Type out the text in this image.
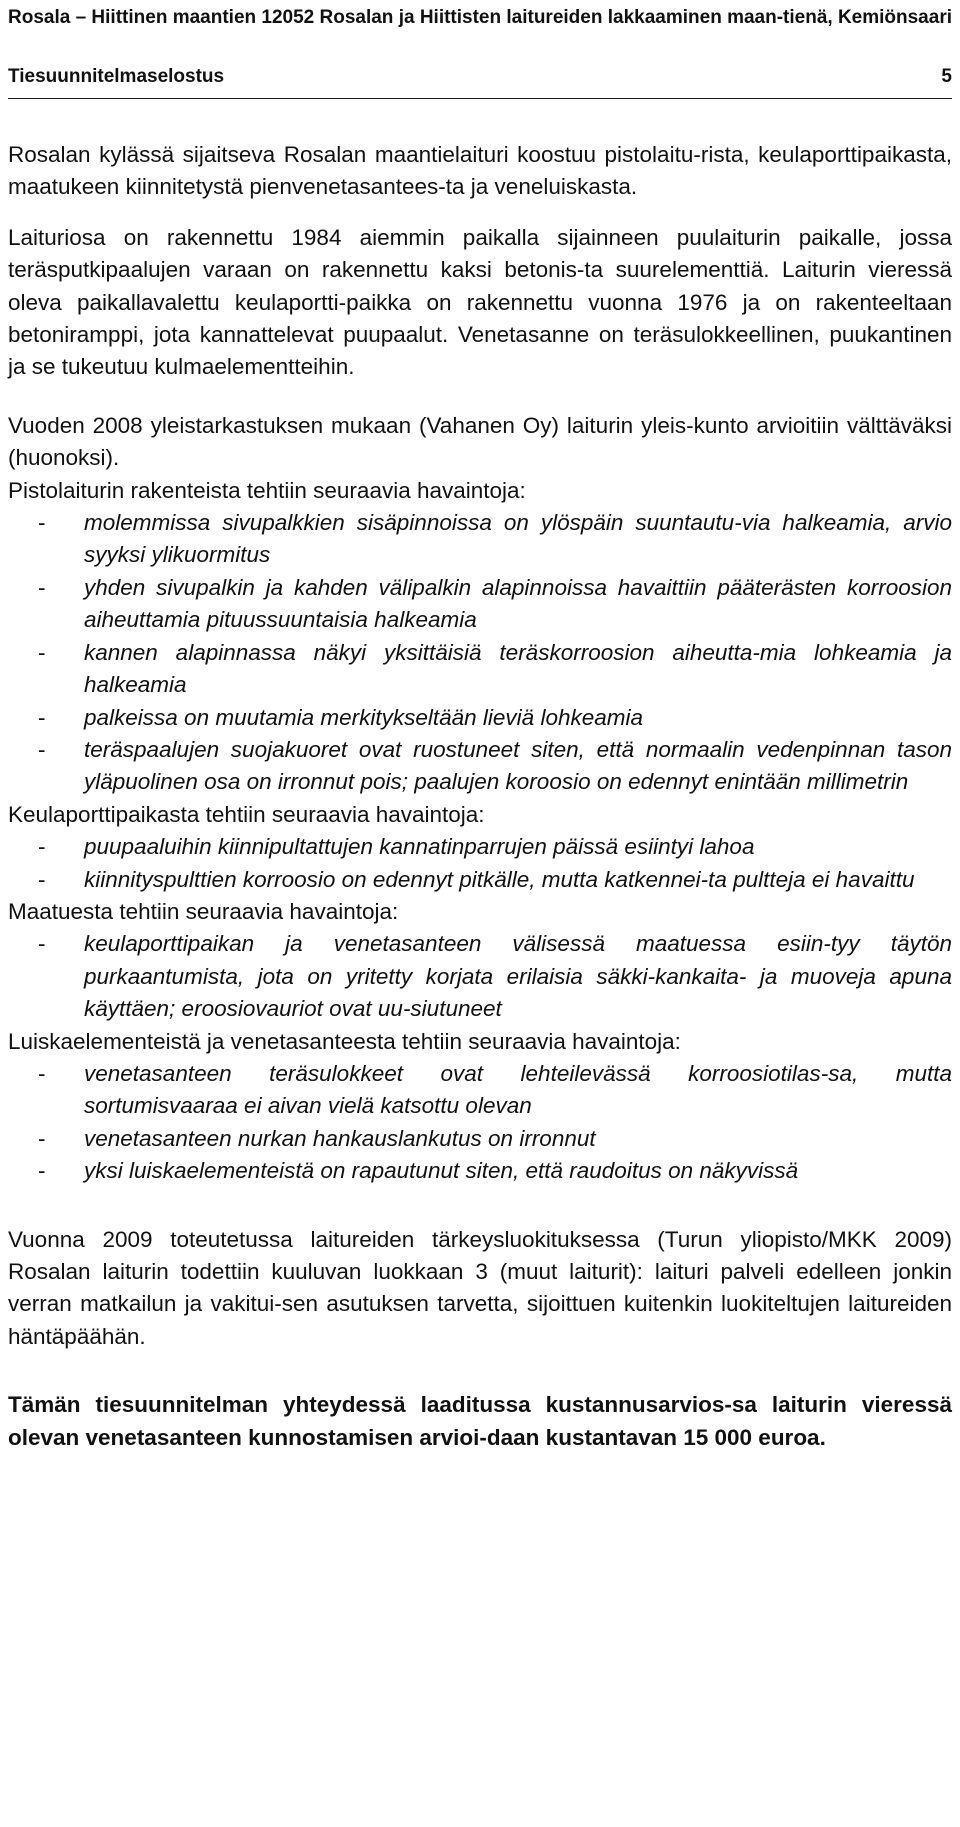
Rosala – Hiittinen maantien 12052 Rosalan ja Hiittisten laitureiden lakkaaminen maan-tienä, Kemiönsaari
Tiesuunnitelmaselostus	5

Rosalan kylässä sijaitseva Rosalan maantielaituri koostuu pistolaitu-rista, keulaporttipaikasta, maatukeen kiinnitetystä pienvenetasantees-ta ja veneluiskasta.

Laituriosa on rakennettu 1984 aiemmin paikalla sijainneen puulaiturin paikalle, jossa teräsputkipaalujen varaan on rakennettu kaksi betonis-ta suurelementtiä. Laiturin vieressä oleva paikallavalettu keulaportti-paikka on rakennettu vuonna 1976 ja on rakenteeltaan betoniramppi, jota kannattelevat puupaalut. Venetasanne on teräsulokkeellinen, puukantinen ja se tukeutuu kulmaelementteihin.

Vuoden 2008 yleistarkastuksen mukaan (Vahanen Oy) laiturin yleis-kunto arvioitiin välttäväksi (huonoksi).

Pistolaiturin rakenteista tehtiin seuraavia havaintoja:

- molemmissa sivupalkkien sisäpinnoissa on ylöspäin suuntautu-via halkeamia, arvio syyksi ylikuormitus
- yhden sivupalkin ja kahden välipalkin alapinnoissa havaittiin pääterästen korroosion aiheuttamia pituussuuntaisia halkeamia
- kannen alapinnassa näkyi yksittäisiä teräskorroosion aiheutta-mia lohkeamia ja halkeamia
- palkeissa on muutamia merkitykseltään lieviä lohkeamia
- teräspaalujen suojakuoret ovat ruostuneet siten, että normaalin vedenpinnan tason yläpuolinen osa on irronnut pois; paalujen koroosio on edennyt enintään millimetrin

Keulaporttipaikasta tehtiin seuraavia havaintoja:

- puupaaluihin kiinnipultattujen kannatinparrujen päissä esiintyi lahoa
- kiinnityspulttien korroosio on edennyt pitkälle, mutta katkennei-ta pultteja ei havaittu

Maatuesta tehtiin seuraavia havaintoja:

- keulaporttipaikan ja venetasanteen välisessä maatuessa esiin-tyy täytön purkaantumista, jota on yritetty korjata erilaisia säkki-kankaita- ja muoveja apuna käyttäen; eroosiovauriot ovat uu-siutuneet

Luiskaelementeistä ja venetasanteesta tehtiin seuraavia havaintoja:

- venetasanteen teräsulokkeet ovat lehteilevässä korroosiotilas-sa, mutta sortumisvaaraa ei aivan vielä katsottu olevan
- venetasanteen nurkan hankauslankutus on irronnut
- yksi luiskaelementeistä on rapautunut siten, että raudoitus on näkyvissä

Vuonna 2009 toteutetussa laitureiden tärkeysluokituksessa (Turun yliopisto/MKK 2009) Rosalan laiturin todettiin kuuluvan luokkaan 3 (muut laiturit): laituri palveli edelleen jonkin verran matkailun ja vakitui-sen asutuksen tarvetta, sijoittuen kuitenkin luokiteltujen laitureiden häntäpäähän.

Tämän tiesuunnitelman yhteydessä laaditussa kustannusarvios-sa laiturin vieressä olevan venetasanteen kunnostamisen arvioi-daan kustantavan 15 000 euroa.
